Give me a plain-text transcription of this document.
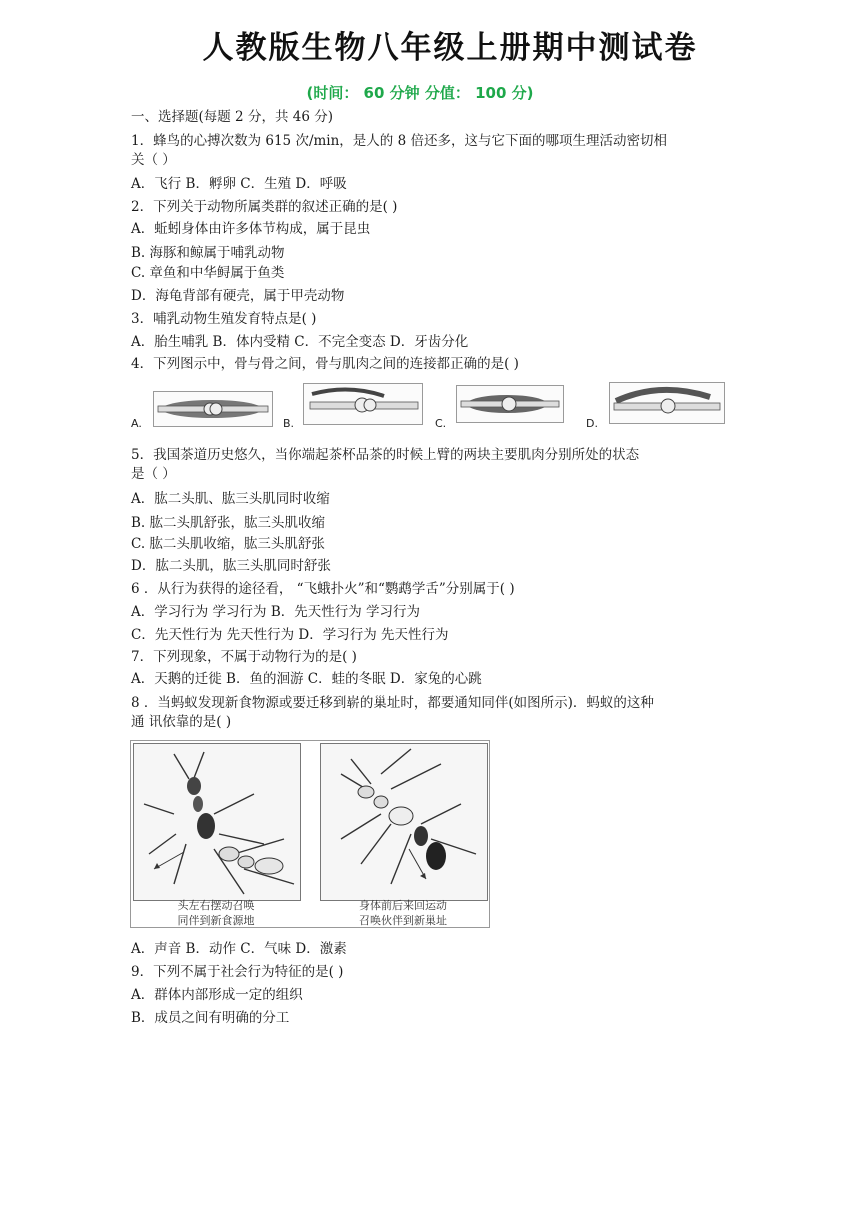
人教版生物八年级上册期中测试卷
(时间： 60 分钟 分值： 100 分)
一、选择题(每题 2 分，共 46 分)
1．蜂鸟的心搏次数为 615 次/min，是人的 8 倍还多，这与它下面的哪项生理活动密切相
关（ ）
A．飞行 B．孵卵 C．生殖 D．呼吸
2．下列关于动物所属类群的叙述正确的是( )
A．蚯蚓身体由许多体节构成，属于昆虫
B. 海豚和鲸属于哺乳动物
C. 章鱼和中华鲟属于鱼类
D．海龟背部有硬壳，属于甲壳动物
3．哺乳动物生殖发育特点是( )
A．胎生哺乳 B．体内受精 C．不完全变态 D．牙齿分化
4．下列图示中，骨与骨之间，骨与肌肉之间的连接都正确的是( )
A.	B.	C.	D.
5．我国茶道历史悠久，当你端起茶杯品茶的时候上臂的两块主要肌肉分别所处的状态
是（ ）
A．肱二头肌、肱三头肌同时收缩
B. 肱二头肌舒张，肱三头肌收缩
C. 肱二头肌收缩，肱三头肌舒张
D．肱二头肌，肱三头肌同时舒张
6 ．从行为获得的途径看， “飞蛾扑火”和“鹦鹉学舌”分别属于( )
A．学习行为 学习行为 B．先天性行为 学习行为
C．先天性行为 先天性行为 D．学习行为 先天性行为
7．下列现象，不属于动物行为的是( )
A．天鹅的迁徙 B．鱼的洄游 C．蛙的冬眠 D．家兔的心跳
8 ．当蚂蚁发现新食物源或要迁移到崭的巢址时，都要通知同伴(如图所示)．蚂蚁的这种
通 讯依靠的是( )
头左右摆动召唤
同伴到新食源地
身体前后来回运动
召唤伙伴到新巢址
A．声音 B．动作 C．气味 D．激素
9．下列不属于社会行为特征的是( )
A．群体内部形成一定的组织
B．成员之间有明确的分工
